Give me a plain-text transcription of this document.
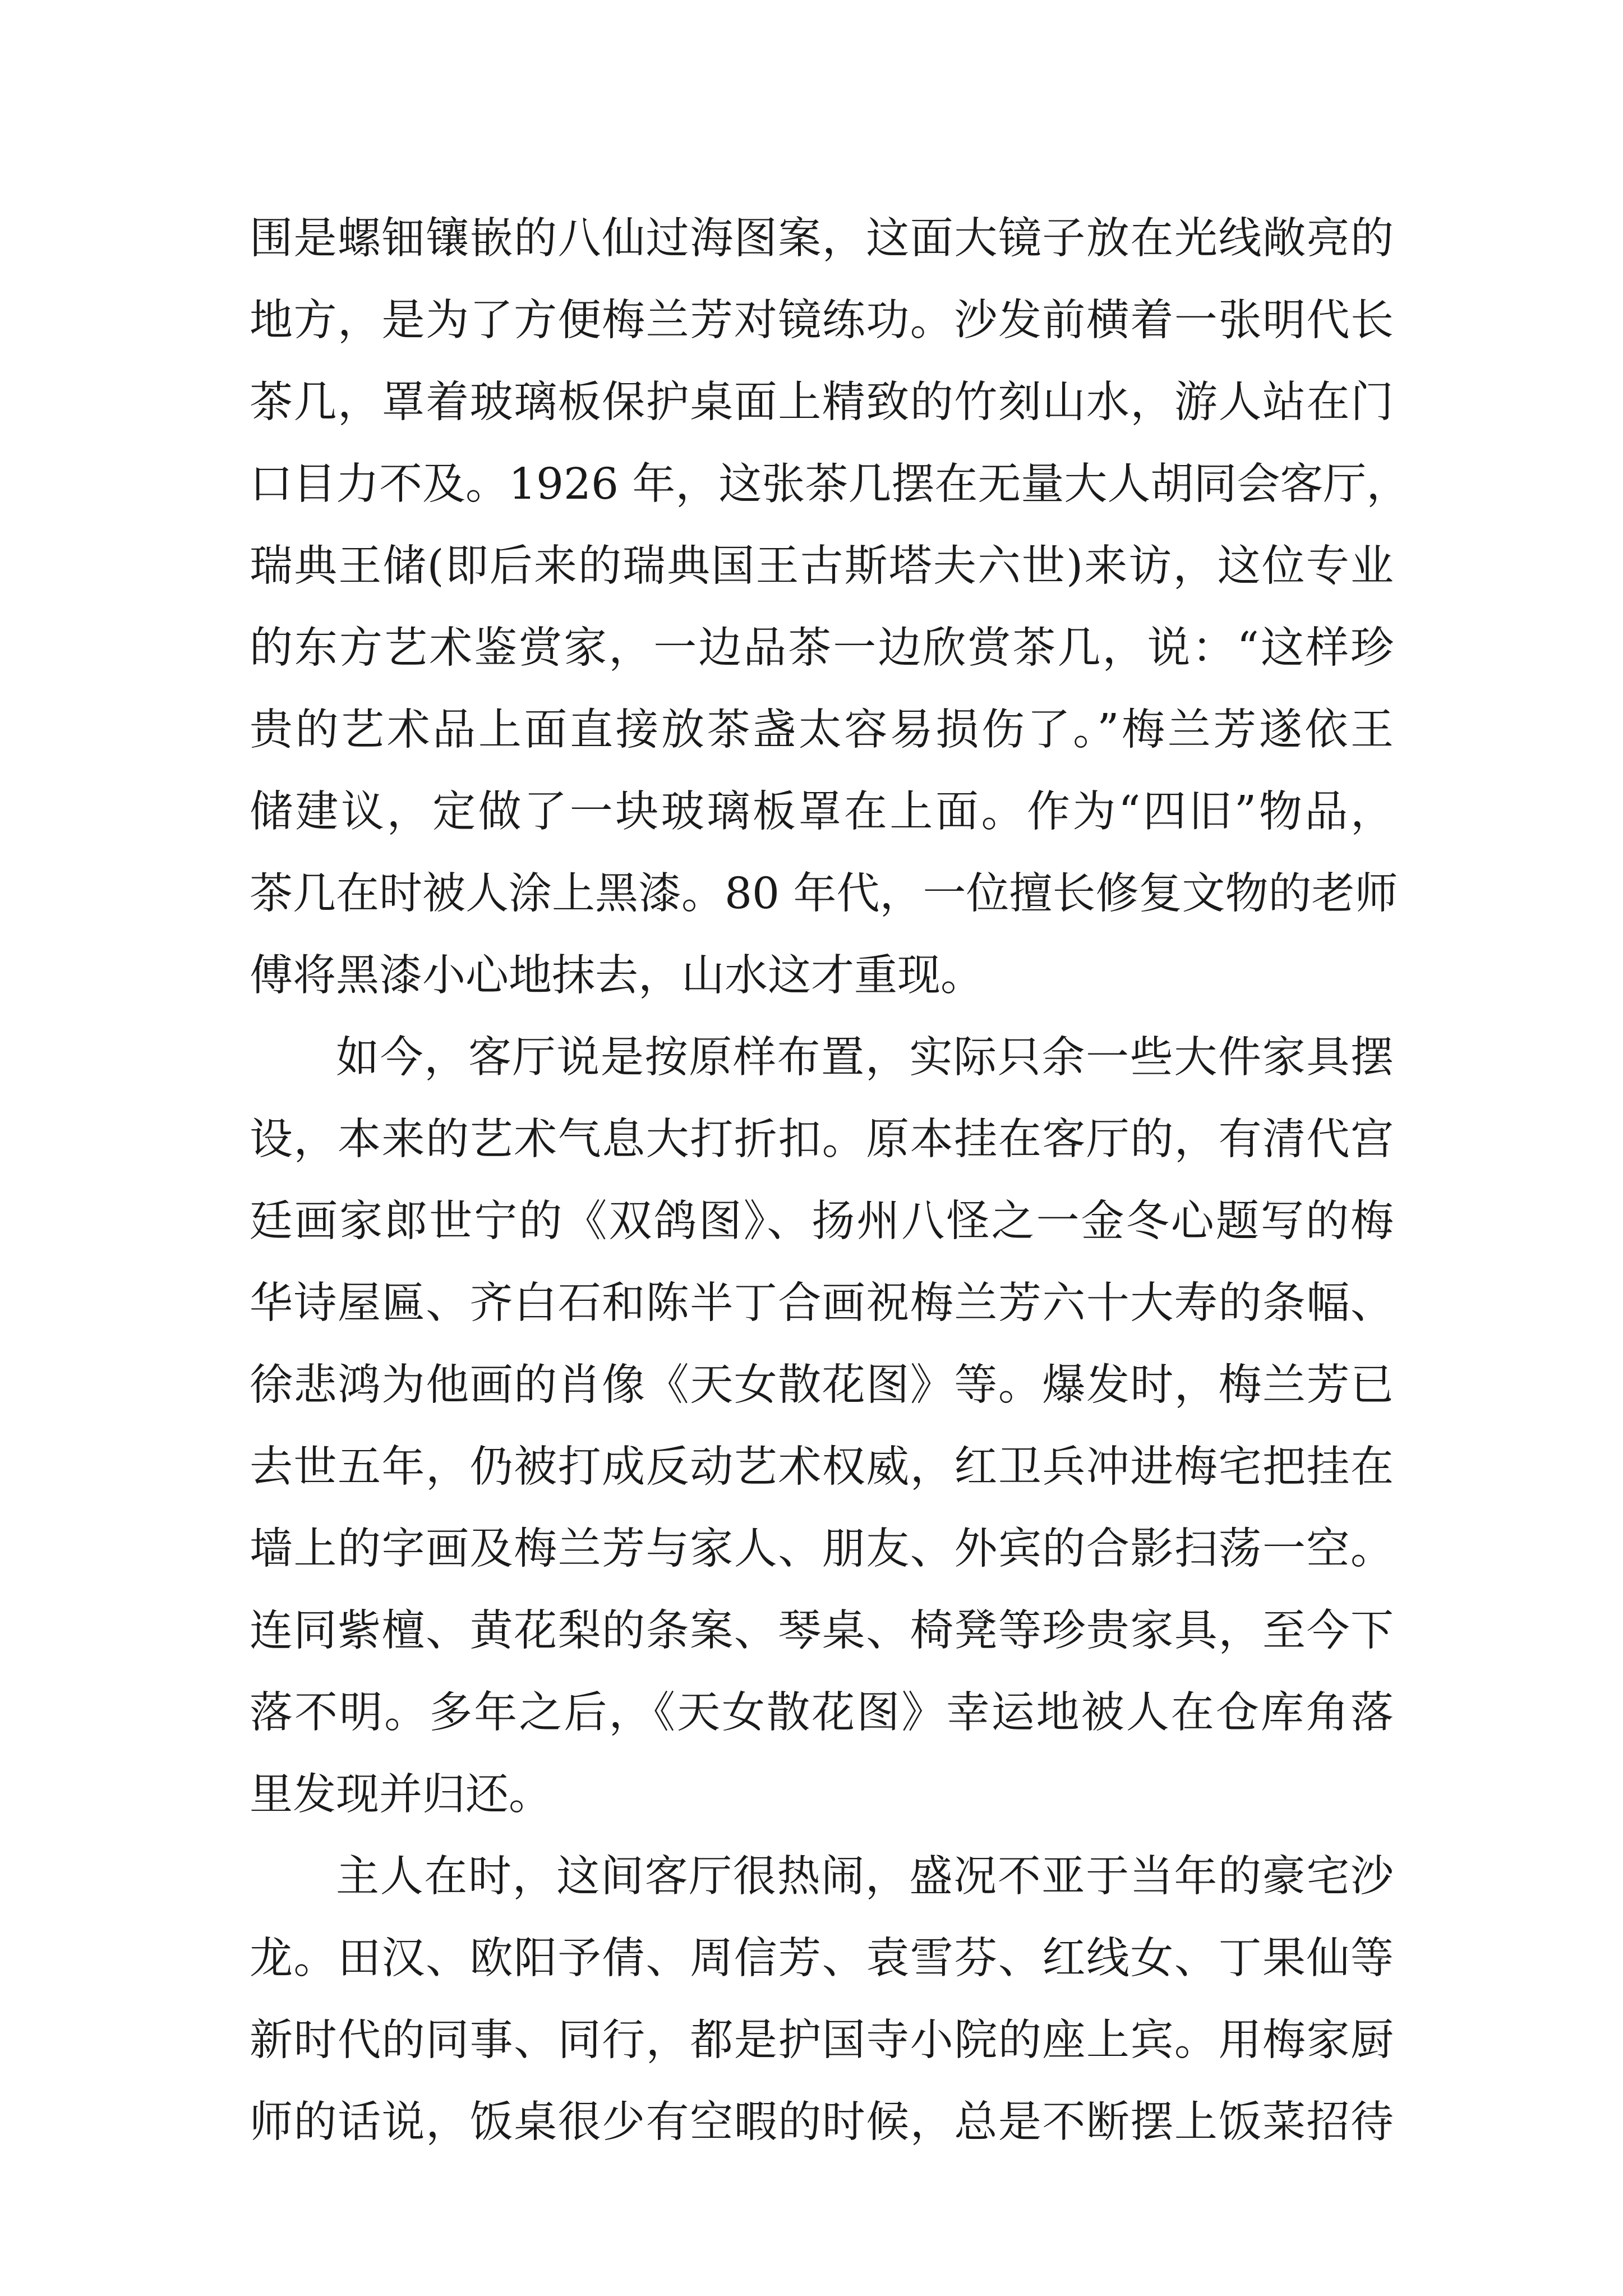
围是螺钿镶嵌的八仙过海图案，这面大镜子放在光线敞亮的
地方，是为了方便梅兰芳对镜练功。沙发前横着一张明代长
茶几，罩着玻璃板保护桌面上精致的竹刻山水，游人站在门
口目力不及。1926 年，这张茶几摆在无量大人胡同会客厅，
瑞典王储(即后来的瑞典国王古斯塔夫六世)来访，这位专业
的东方艺术鉴赏家，一边品茶一边欣赏茶几，说：“这样珍
贵的艺术品上面直接放茶盏太容易损伤了。”梅兰芳遂依王
储建议，定做了一块玻璃板罩在上面。作为“四旧”物品，
茶几在时被人涂上黑漆。80 年代，一位擅长修复文物的老师
傅将黑漆小心地抹去，山水这才重现。
如今，客厅说是按原样布置，实际只余一些大件家具摆
设，本来的艺术气息大打折扣。原本挂在客厅的，有清代宫
廷画家郎世宁的《双鸽图》、扬州八怪之一金冬心题写的梅
华诗屋匾、齐白石和陈半丁合画祝梅兰芳六十大寿的条幅、
徐悲鸿为他画的肖像《天女散花图》等。爆发时，梅兰芳已
去世五年，仍被打成反动艺术权威，红卫兵冲进梅宅把挂在
墙上的字画及梅兰芳与家人、朋友、外宾的合影扫荡一空。
连同紫檀、黄花梨的条案、琴桌、椅凳等珍贵家具，至今下
落不明。多年之后，《天女散花图》幸运地被人在仓库角落
里发现并归还。
主人在时，这间客厅很热闹，盛况不亚于当年的豪宅沙
龙。田汉、欧阳予倩、周信芳、袁雪芬、红线女、丁果仙等
新时代的同事、同行，都是护国寺小院的座上宾。用梅家厨
师的话说，饭桌很少有空暇的时候，总是不断摆上饭菜招待
